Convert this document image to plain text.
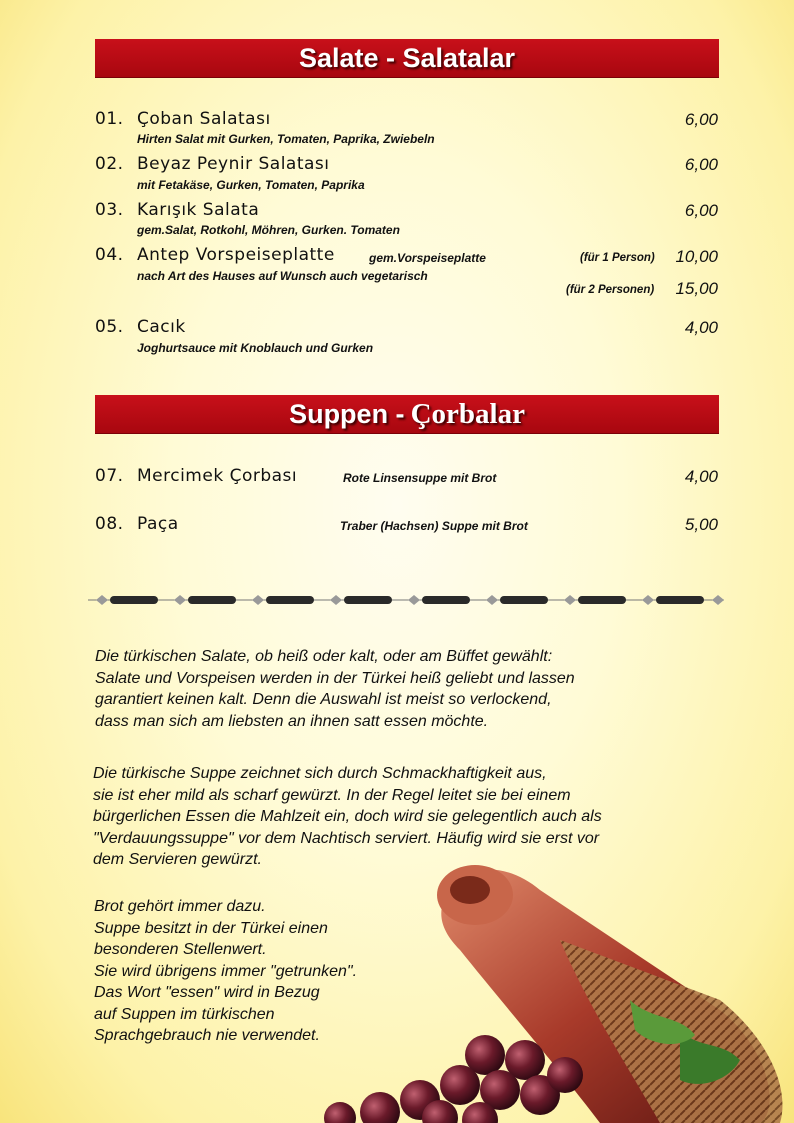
Salate - Salatalar
01. Çoban Salatası
Hirten Salat mit Gurken, Tomaten, Paprika, Zwiebeln
6,00
02. Beyaz Peynir Salatası
mit Fetakäse, Gurken, Tomaten, Paprika
6,00
03. Karışık Salata
gem.Salat, Rotkohl, Möhren, Gurken. Tomaten
6,00
04. Antep Vorspeiseplatte	gem.Vorspeiseplatte
nach Art des Hauses auf Wunsch auch vegetarisch
(für 1 Person) 10,00
(für 2 Personen) 15,00
05. Cacık
Joghurtsauce mit Knoblauch und Gurken
4,00
Suppen - Çorbalar
07. Mercimek Çorbası	Rote Linsensuppe mit Brot	4,00
08. Paça	Traber (Hachsen) Suppe mit Brot	5,00
Die türkischen Salate, ob heiß oder kalt, oder am Büffet gewählt:
Salate und Vorspeisen werden in der Türkei heiß geliebt und lassen
garantiert keinen kalt. Denn die Auswahl ist meist so verlockend,
dass man sich am liebsten an ihnen satt essen möchte.
Die türkische Suppe zeichnet sich durch Schmackhaftigkeit aus,
sie ist eher mild als scharf gewürzt. In der Regel leitet sie bei einem
bürgerlichen Essen die Mahlzeit ein, doch wird sie gelegentlich auch als
"Verdauungssuppe" vor dem Nachtisch serviert. Häufig wird sie erst vor
dem Servieren gewürzt.
Brot gehört immer dazu.
Suppe besitzt in der Türkei einen
besonderen Stellenwert.
Sie wird übrigens immer "getrunken".
Das Wort "essen" wird in Bezug
auf Suppen im türkischen
Sprachgebrauch nie verwendet.
